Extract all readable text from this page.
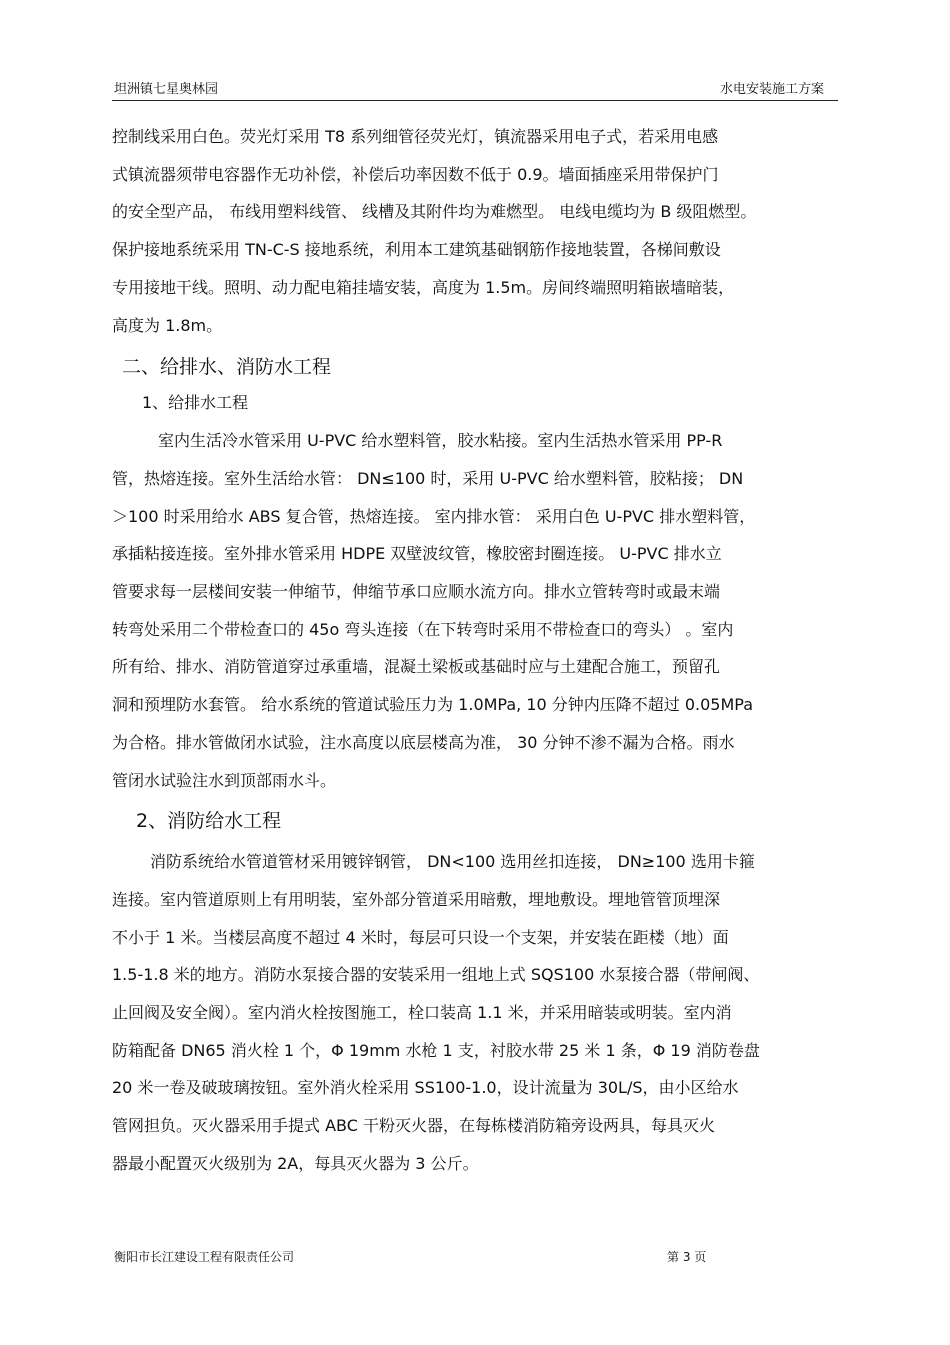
坦洲镇七星奥林园	水电安装施工方案

控制线采用白色。荧光灯采用 T8 系列细管径荧光灯，镇流器采用电子式，若采用电感

式镇流器须带电容器作无功补偿，补偿后功率因数不低于 0.9。墙面插座采用带保护门

的安全型产品， 布线用塑料线管、 线槽及其附件均为难燃型。 电线电缆均为 B 级阻燃型。

保护接地系统采用 TN-C-S 接地系统，利用本工建筑基础钢筋作接地装置，各梯间敷设

专用接地干线。照明、动力配电箱挂墙安装，高度为 1.5m。房间终端照明箱嵌墙暗装，

高度为 1.8m。

二、给排水、消防水工程
1、给排水工程

室内生活冷水管采用 U-PVC 给水塑料管，胶水粘接。室内生活热水管采用 PP-R

管，热熔连接。室外生活给水管： DN≤100 时，采用 U-PVC 给水塑料管，胶粘接； DN

＞100 时采用给水 ABS 复合管，热熔连接。 室内排水管： 采用白色 U-PVC 排水塑料管，

承插粘接连接。室外排水管采用 HDPE 双壁波纹管，橡胶密封圈连接。 U-PVC 排水立

管要求每一层楼间安装一伸缩节，伸缩节承口应顺水流方向。排水立管转弯时或最末端

转弯处采用二个带检查口的 45o 弯头连接（在下转弯时采用不带检查口的弯头） 。室内

所有给、排水、消防管道穿过承重墙，混凝土梁板或基础时应与土建配合施工，预留孔

洞和预埋防水套管。 给水系统的管道试验压力为 1.0MPa, 10 分钟内压降不超过 0.05MPa

为合格。排水管做闭水试验，注水高度以底层楼高为准， 30 分钟不渗不漏为合格。雨水

管闭水试验注水到顶部雨水斗。

2、消防给水工程

消防系统给水管道管材采用镀锌钢管， DN<100 选用丝扣连接， DN≥100 选用卡箍

连接。室内管道原则上有用明装，室外部分管道采用暗敷，埋地敷设。埋地管管顶埋深

不小于 1 米。当楼层高度不超过 4 米时，每层可只设一个支架，并安装在距楼（地）面

1.5-1.8 米的地方。消防水泵接合器的安装采用一组地上式 SQS100 水泵接合器（带闸阀、

止回阀及安全阀）。室内消火栓按图施工，栓口装高 1.1 米，并采用暗装或明装。室内消

防箱配备 DN65 消火栓 1 个，Φ 19mm 水枪 1 支，衬胶水带 25 米 1 条，Φ 19 消防卷盘

20 米一卷及破玻璃按钮。室外消火栓采用 SS100-1.0，设计流量为 30L/S，由小区给水

管网担负。灭火器采用手提式 ABC 干粉灭火器，在每栋楼消防箱旁设两具，每具灭火

器最小配置灭火级别为 2A，每具灭火器为 3 公斤。

衡阳市长江建设工程有限责任公司	第 3 页
